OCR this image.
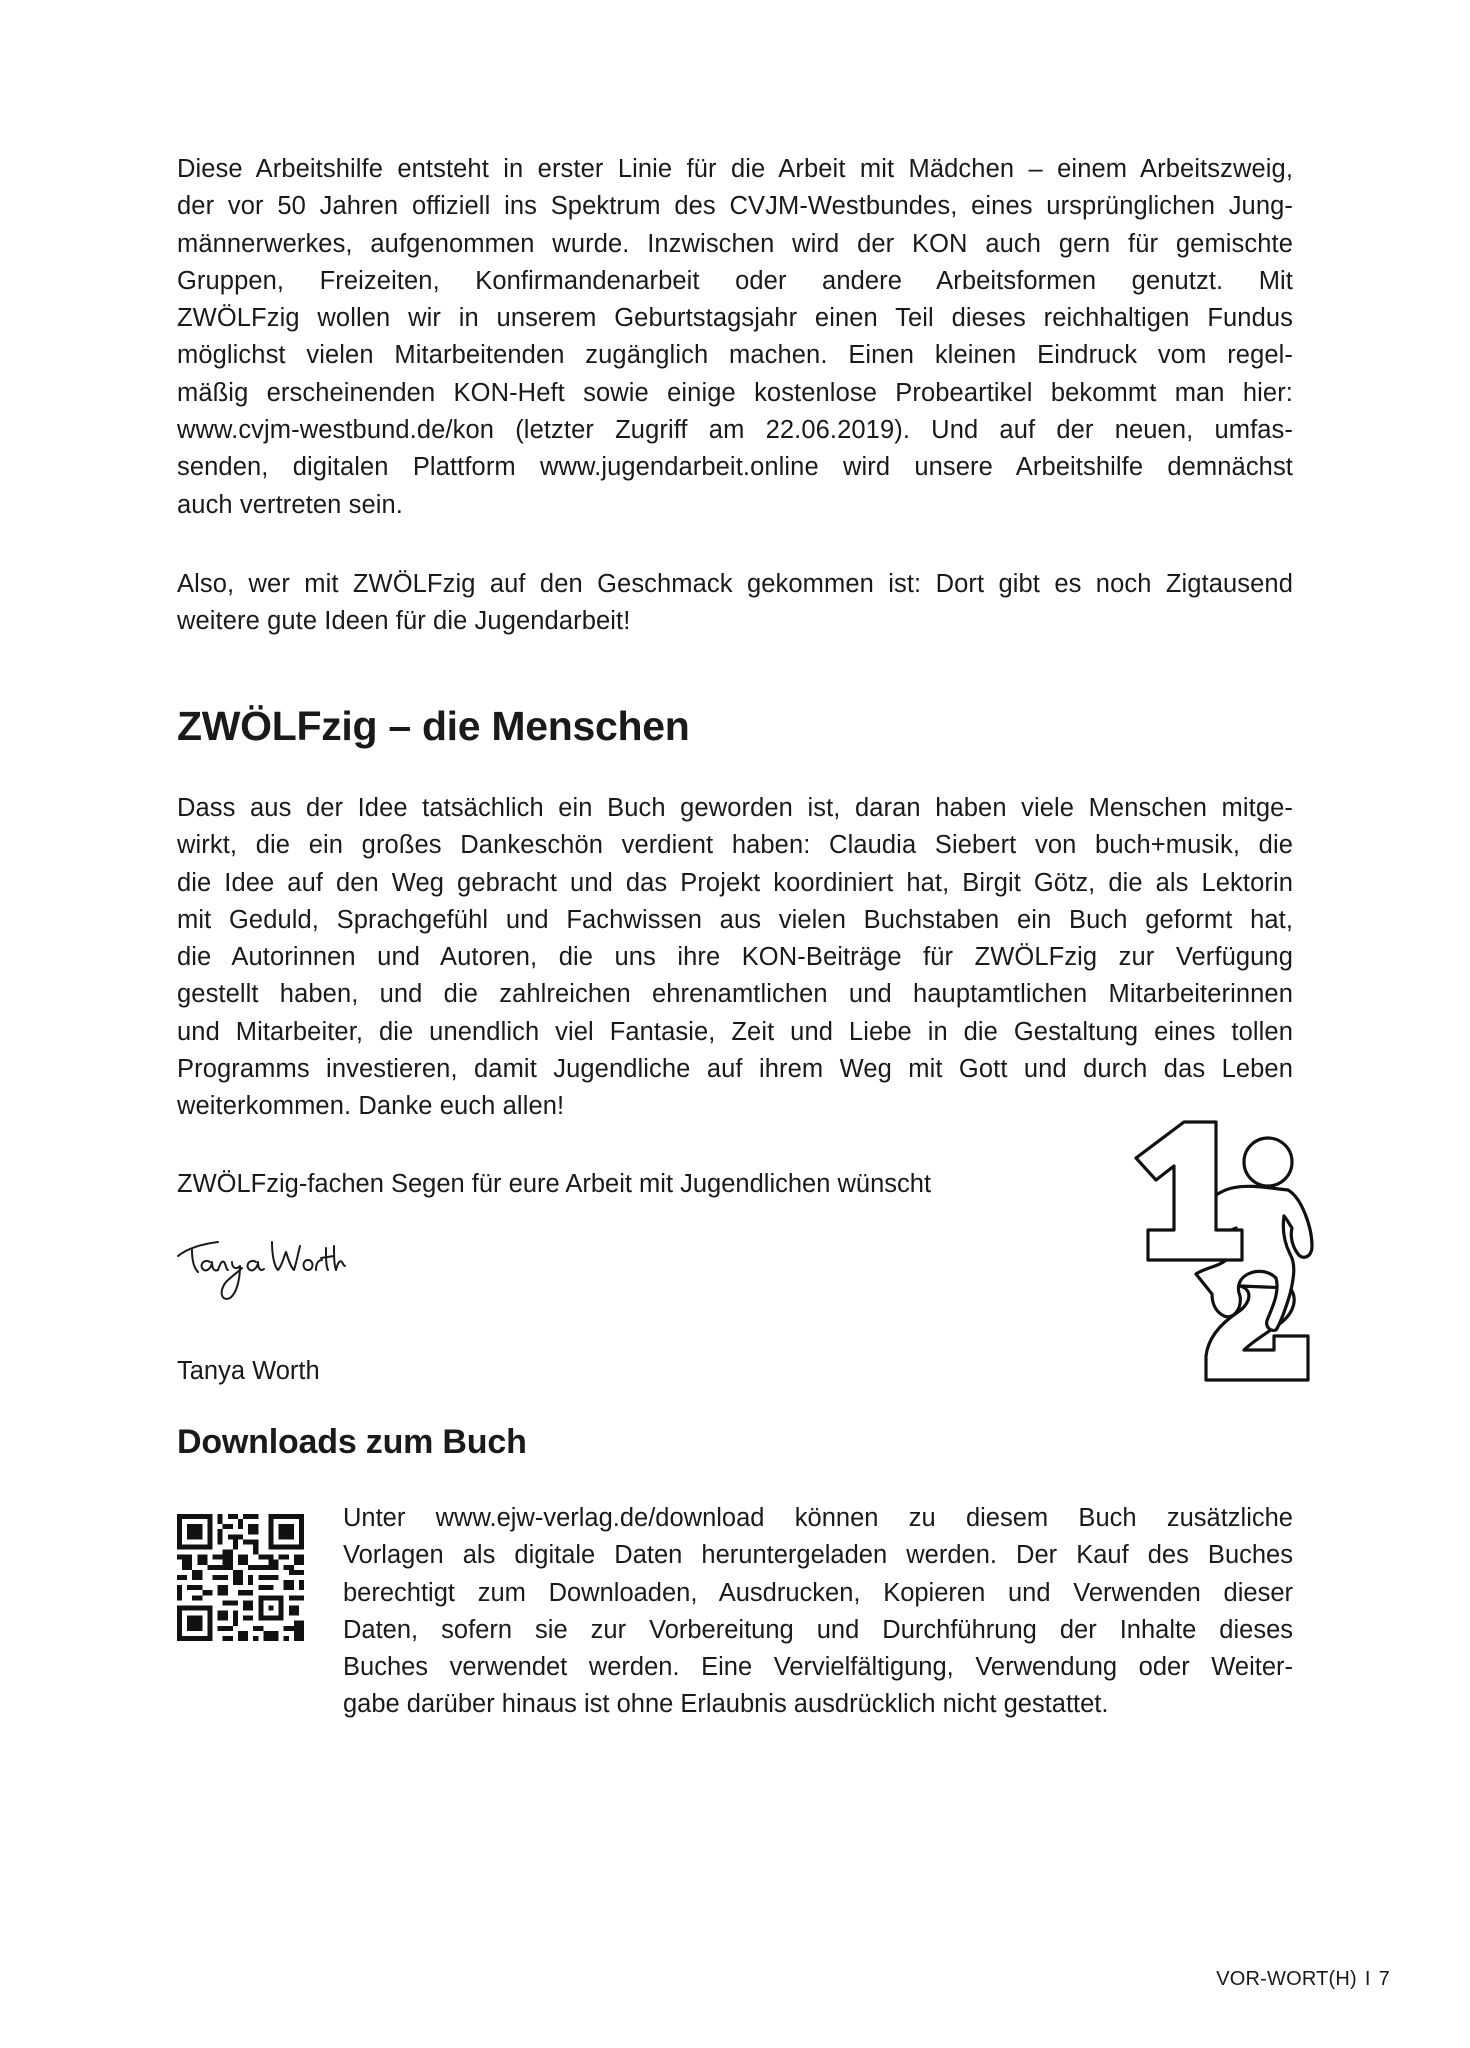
Diese Arbeitshilfe entsteht in erster Linie für die Arbeit mit Mädchen – einem Arbeitszweig,
der vor 50 Jahren offiziell ins Spektrum des CVJM-Westbundes, eines ursprünglichen Jung-
männerwerkes, aufgenommen wurde. Inzwischen wird der KON auch gern für gemischte
Gruppen, Freizeiten, Konfirmandenarbeit oder andere Arbeitsformen genutzt. Mit
ZWÖLFzig wollen wir in unserem Geburtstagsjahr einen Teil dieses reichhaltigen Fundus
möglichst vielen Mitarbeitenden zugänglich machen. Einen kleinen Eindruck vom regel-
mäßig erscheinenden KON-Heft sowie einige kostenlose Probeartikel bekommt man hier:
www.cvjm-westbund.de/kon (letzter Zugriff am 22.06.2019). Und auf der neuen, umfas-
senden, digitalen Plattform www.jugendarbeit.online wird unsere Arbeitshilfe demnächst
auch vertreten sein.
Also, wer mit ZWÖLFzig auf den Geschmack gekommen ist: Dort gibt es noch Zigtausend
weitere gute Ideen für die Jugendarbeit!
ZWÖLFzig – die Menschen
Dass aus der Idee tatsächlich ein Buch geworden ist, daran haben viele Menschen mitge-
wirkt, die ein großes Dankeschön verdient haben: Claudia Siebert von buch+musik, die
die Idee auf den Weg gebracht und das Projekt koordiniert hat, Birgit Götz, die als Lektorin
mit Geduld, Sprachgefühl und Fachwissen aus vielen Buchstaben ein Buch geformt hat,
die Autorinnen und Autoren, die uns ihre KON-Beiträge für ZWÖLFzig zur Verfügung
gestellt haben, und die zahlreichen ehrenamtlichen und hauptamtlichen Mitarbeiterinnen
und Mitarbeiter, die unendlich viel Fantasie, Zeit und Liebe in die Gestaltung eines tollen
Programms investieren, damit Jugendliche auf ihrem Weg mit Gott und durch das Leben
weiterkommen. Danke euch allen!
ZWÖLFzig-fachen Segen für eure Arbeit mit Jugendlichen wünscht
Tanya Worth
Downloads zum Buch
Unter www.ejw-verlag.de/download können zu diesem Buch zusätzliche
Vorlagen als digitale Daten heruntergeladen werden. Der Kauf des Buches
berechtigt zum Downloaden, Ausdrucken, Kopieren und Verwenden dieser
Daten, sofern sie zur Vorbereitung und Durchführung der Inhalte dieses
Buches verwendet werden. Eine Vervielfältigung, Verwendung oder Weiter-
gabe darüber hinaus ist ohne Erlaubnis ausdrücklich nicht gestattet.
VOR-WORT(H) I 7
